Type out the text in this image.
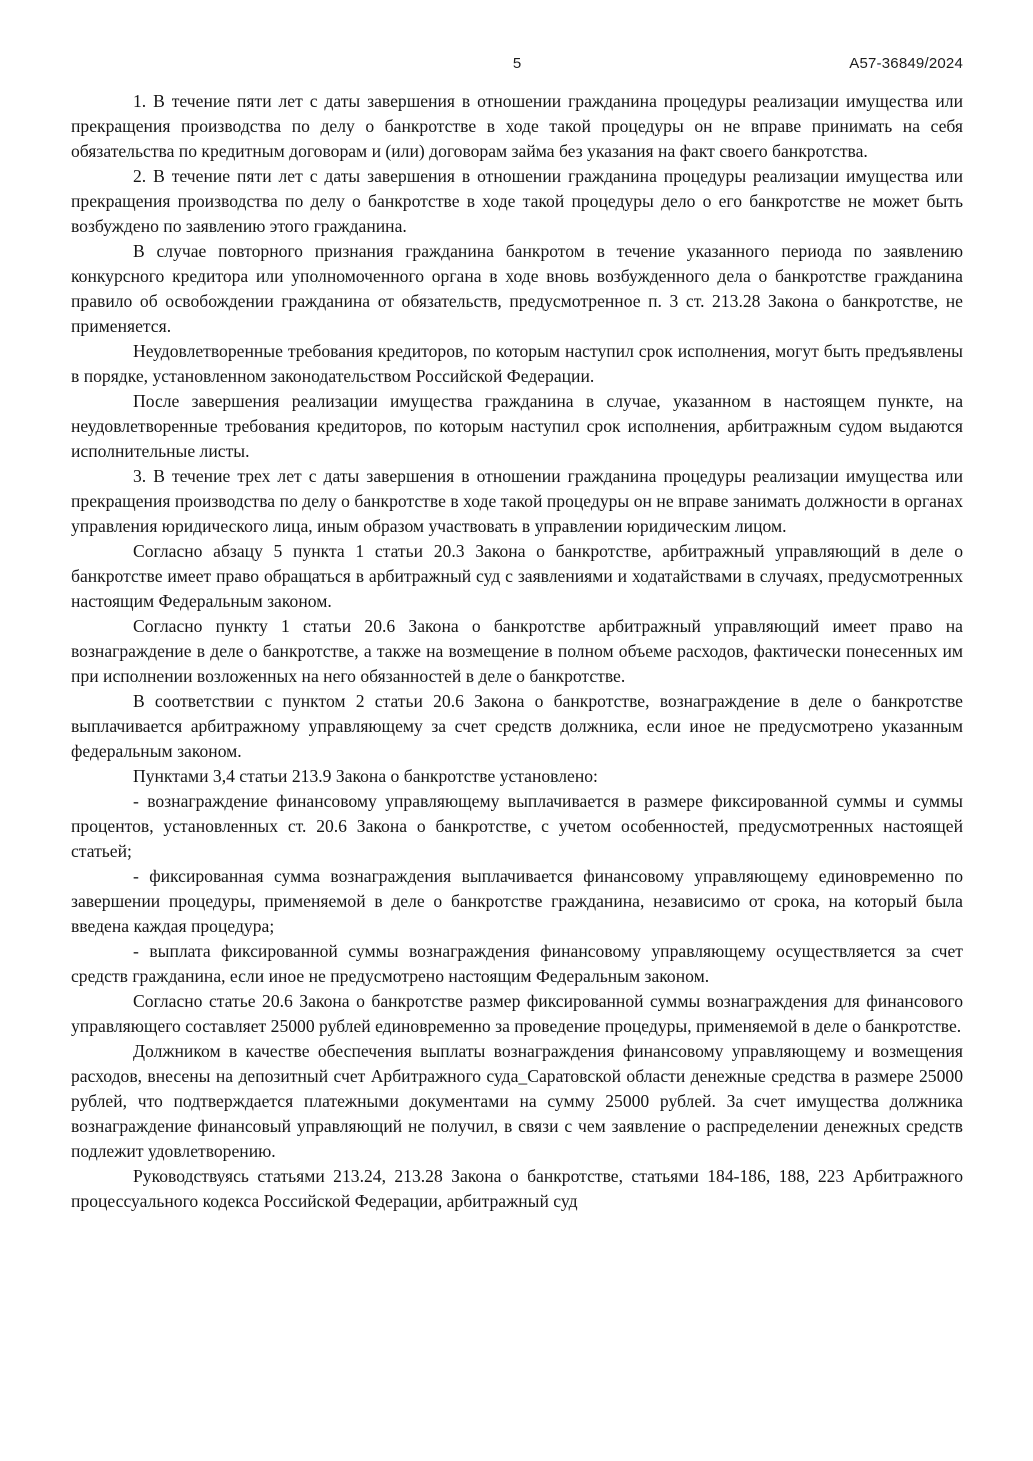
5	А57-36849/2024

1. В течение пяти лет с даты завершения в отношении гражданина процедуры реализации имущества или прекращения производства по делу о банкротстве в ходе такой процедуры он не вправе принимать на себя обязательства по кредитным договорам и (или) договорам займа без указания на факт своего банкротства.

2. В течение пяти лет с даты завершения в отношении гражданина процедуры реализации имущества или прекращения производства по делу о банкротстве в ходе такой процедуры дело о его банкротстве не может быть возбуждено по заявлению этого гражданина.

В случае повторного признания гражданина банкротом в течение указанного периода по заявлению конкурсного кредитора или уполномоченного органа в ходе вновь возбужденного дела о банкротстве гражданина правило об освобождении гражданина от обязательств, предусмотренное п. 3 ст. 213.28 Закона о банкротстве, не применяется.

Неудовлетворенные требования кредиторов, по которым наступил срок исполнения, могут быть предъявлены в порядке, установленном законодательством Российской Федерации.

После завершения реализации имущества гражданина в случае, указанном в настоящем пункте, на неудовлетворенные требования кредиторов, по которым наступил срок исполнения, арбитражным судом выдаются исполнительные листы.

3. В течение трех лет с даты завершения в отношении гражданина процедуры реализации имущества или прекращения производства по делу о банкротстве в ходе такой процедуры он не вправе занимать должности в органах управления юридического лица, иным образом участвовать в управлении юридическим лицом.

Согласно абзацу 5 пункта 1 статьи 20.3 Закона о банкротстве, арбитражный управляющий в деле о банкротстве имеет право обращаться в арбитражный суд с заявлениями и ходатайствами в случаях, предусмотренных настоящим Федеральным законом.

Согласно пункту 1 статьи 20.6 Закона о банкротстве арбитражный управляющий имеет право на вознаграждение в деле о банкротстве, а также на возмещение в полном объеме расходов, фактически понесенных им при исполнении возложенных на него обязанностей в деле о банкротстве.

В соответствии с пунктом 2 статьи 20.6 Закона о банкротстве, вознаграждение в деле о банкротстве выплачивается арбитражному управляющему за счет средств должника, если иное не предусмотрено указанным федеральным законом.

Пунктами 3,4 статьи 213.9 Закона о банкротстве установлено:

- вознаграждение финансовому управляющему выплачивается в размере фиксированной суммы и суммы процентов, установленных ст. 20.6 Закона о банкротстве, с учетом особенностей, предусмотренных настоящей статьей;

- фиксированная сумма вознаграждения выплачивается финансовому управляющему единовременно по завершении процедуры, применяемой в деле о банкротстве гражданина, независимо от срока, на который была введена каждая процедура;

- выплата фиксированной суммы вознаграждения финансовому управляющему осуществляется за счет средств гражданина, если иное не предусмотрено настоящим Федеральным законом.

Согласно статье 20.6 Закона о банкротстве размер фиксированной суммы вознаграждения для финансового управляющего составляет 25000 рублей единовременно за проведение процедуры, применяемой в деле о банкротстве.

Должником в качестве обеспечения выплаты вознаграждения финансовому управляющему и возмещения расходов, внесены на депозитный счет Арбитражного суда_Саратовской области денежные средства в размере 25000 рублей, что подтверждается платежными документами на сумму 25000 рублей. За счет имущества должника вознаграждение финансовый управляющий не получил, в связи с чем заявление о распределении денежных средств подлежит удовлетворению.

Руководствуясь статьями 213.24, 213.28 Закона о банкротстве, статьями 184-186, 188, 223 Арбитражного процессуального кодекса Российской Федерации, арбитражный суд
